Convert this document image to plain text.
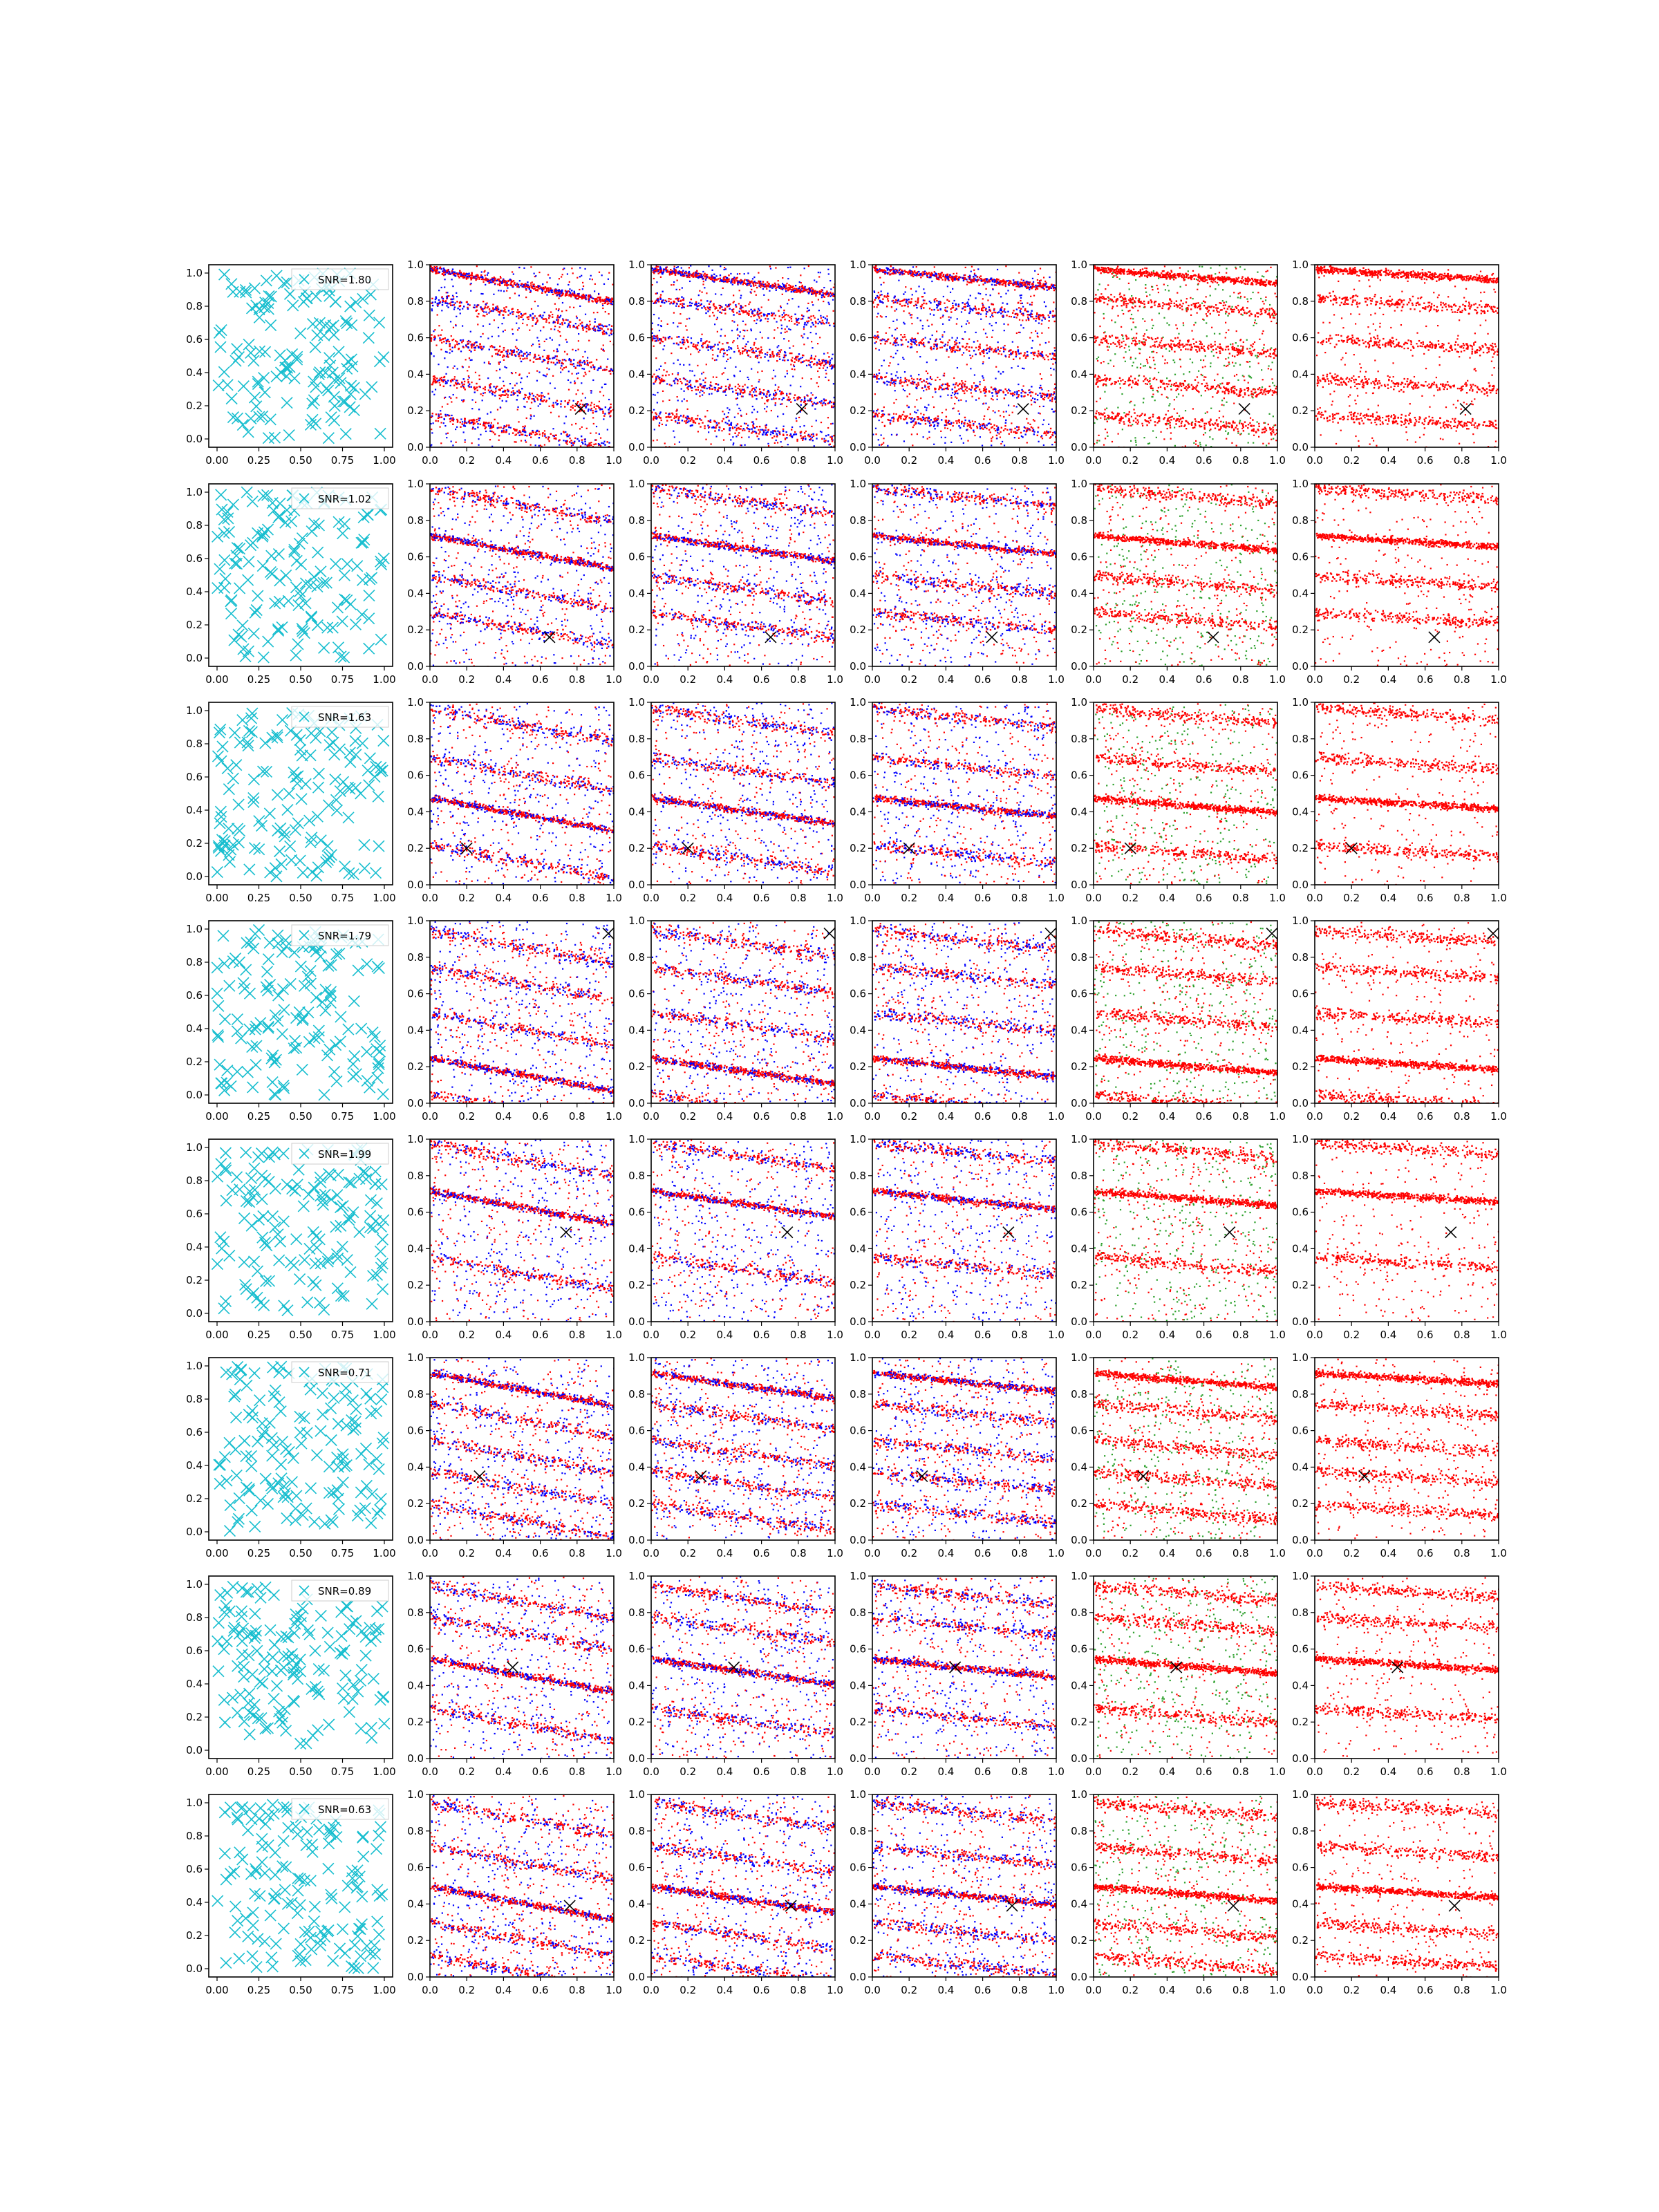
0.00 0.25 0.50 0.75 1.00
0.0
0.2
0.4
0.6
0.8
1.0
SNR=1.80
0.0 0.2 0.4 0.6 0.8 1.0
0.0
0.2
0.4
0.6
0.8
1.0
0.0 0.2 0.4 0.6 0.8 1.0
0.0
0.2
0.4
0.6
0.8
1.0
0.0 0.2 0.4 0.6 0.8 1.0
0.0
0.2
0.4
0.6
0.8
1.0
0.0 0.2 0.4 0.6 0.8 1.0
0.0
0.2
0.4
0.6
0.8
1.0
0.0 0.2 0.4 0.6 0.8 1.0
0.0
0.2
0.4
0.6
0.8
1.0
0.00 0.25 0.50 0.75 1.00
0.0
0.2
0.4
0.6
0.8
1.0
SNR=1.02
0.0 0.2 0.4 0.6 0.8 1.0
0.0
0.2
0.4
0.6
0.8
1.0
0.0 0.2 0.4 0.6 0.8 1.0
0.0
0.2
0.4
0.6
0.8
1.0
0.0 0.2 0.4 0.6 0.8 1.0
0.0
0.2
0.4
0.6
0.8
1.0
0.0 0.2 0.4 0.6 0.8 1.0
0.0
0.2
0.4
0.6
0.8
1.0
0.0 0.2 0.4 0.6 0.8 1.0
0.0
0.2
0.4
0.6
0.8
1.0
0.00 0.25 0.50 0.75 1.00
0.0
0.2
0.4
0.6
0.8
1.0
SNR=1.63
0.0 0.2 0.4 0.6 0.8 1.0
0.0
0.2
0.4
0.6
0.8
1.0
0.0 0.2 0.4 0.6 0.8 1.0
0.0
0.2
0.4
0.6
0.8
1.0
0.0 0.2 0.4 0.6 0.8 1.0
0.0
0.2
0.4
0.6
0.8
1.0
0.0 0.2 0.4 0.6 0.8 1.0
0.0
0.2
0.4
0.6
0.8
1.0
0.0 0.2 0.4 0.6 0.8 1.0
0.0
0.2
0.4
0.6
0.8
1.0
0.00 0.25 0.50 0.75 1.00
0.0
0.2
0.4
0.6
0.8
1.0
SNR=1.79
0.0 0.2 0.4 0.6 0.8 1.0
0.0
0.2
0.4
0.6
0.8
1.0
0.0 0.2 0.4 0.6 0.8 1.0
0.0
0.2
0.4
0.6
0.8
1.0
0.0 0.2 0.4 0.6 0.8 1.0
0.0
0.2
0.4
0.6
0.8
1.0
0.0 0.2 0.4 0.6 0.8 1.0
0.0
0.2
0.4
0.6
0.8
1.0
0.0 0.2 0.4 0.6 0.8 1.0
0.0
0.2
0.4
0.6
0.8
1.0
0.00 0.25 0.50 0.75 1.00
0.0
0.2
0.4
0.6
0.8
1.0
SNR=1.99
0.0 0.2 0.4 0.6 0.8 1.0
0.0
0.2
0.4
0.6
0.8
1.0
0.0 0.2 0.4 0.6 0.8 1.0
0.0
0.2
0.4
0.6
0.8
1.0
0.0 0.2 0.4 0.6 0.8 1.0
0.0
0.2
0.4
0.6
0.8
1.0
0.0 0.2 0.4 0.6 0.8 1.0
0.0
0.2
0.4
0.6
0.8
1.0
0.0 0.2 0.4 0.6 0.8 1.0
0.0
0.2
0.4
0.6
0.8
1.0
0.00 0.25 0.50 0.75 1.00
0.0
0.2
0.4
0.6
0.8
1.0
SNR=0.71
0.0 0.2 0.4 0.6 0.8 1.0
0.0
0.2
0.4
0.6
0.8
1.0
0.0 0.2 0.4 0.6 0.8 1.0
0.0
0.2
0.4
0.6
0.8
1.0
0.0 0.2 0.4 0.6 0.8 1.0
0.0
0.2
0.4
0.6
0.8
1.0
0.0 0.2 0.4 0.6 0.8 1.0
0.0
0.2
0.4
0.6
0.8
1.0
0.0 0.2 0.4 0.6 0.8 1.0
0.0
0.2
0.4
0.6
0.8
1.0
0.00 0.25 0.50 0.75 1.00
0.0
0.2
0.4
0.6
0.8
1.0
SNR=0.89
0.0 0.2 0.4 0.6 0.8 1.0
0.0
0.2
0.4
0.6
0.8
1.0
0.0 0.2 0.4 0.6 0.8 1.0
0.0
0.2
0.4
0.6
0.8
1.0
0.0 0.2 0.4 0.6 0.8 1.0
0.0
0.2
0.4
0.6
0.8
1.0
0.0 0.2 0.4 0.6 0.8 1.0
0.0
0.2
0.4
0.6
0.8
1.0
0.0 0.2 0.4 0.6 0.8 1.0
0.0
0.2
0.4
0.6
0.8
1.0
0.00 0.25 0.50 0.75 1.00
0.0
0.2
0.4
0.6
0.8
1.0
SNR=0.63
0.0 0.2 0.4 0.6 0.8 1.0
0.0
0.2
0.4
0.6
0.8
1.0
0.0 0.2 0.4 0.6 0.8 1.0
0.0
0.2
0.4
0.6
0.8
1.0
0.0 0.2 0.4 0.6 0.8 1.0
0.0
0.2
0.4
0.6
0.8
1.0
0.0 0.2 0.4 0.6 0.8 1.0
0.0
0.2
0.4
0.6
0.8
1.0
0.0 0.2 0.4 0.6 0.8 1.0
0.0
0.2
0.4
0.6
0.8
1.0
